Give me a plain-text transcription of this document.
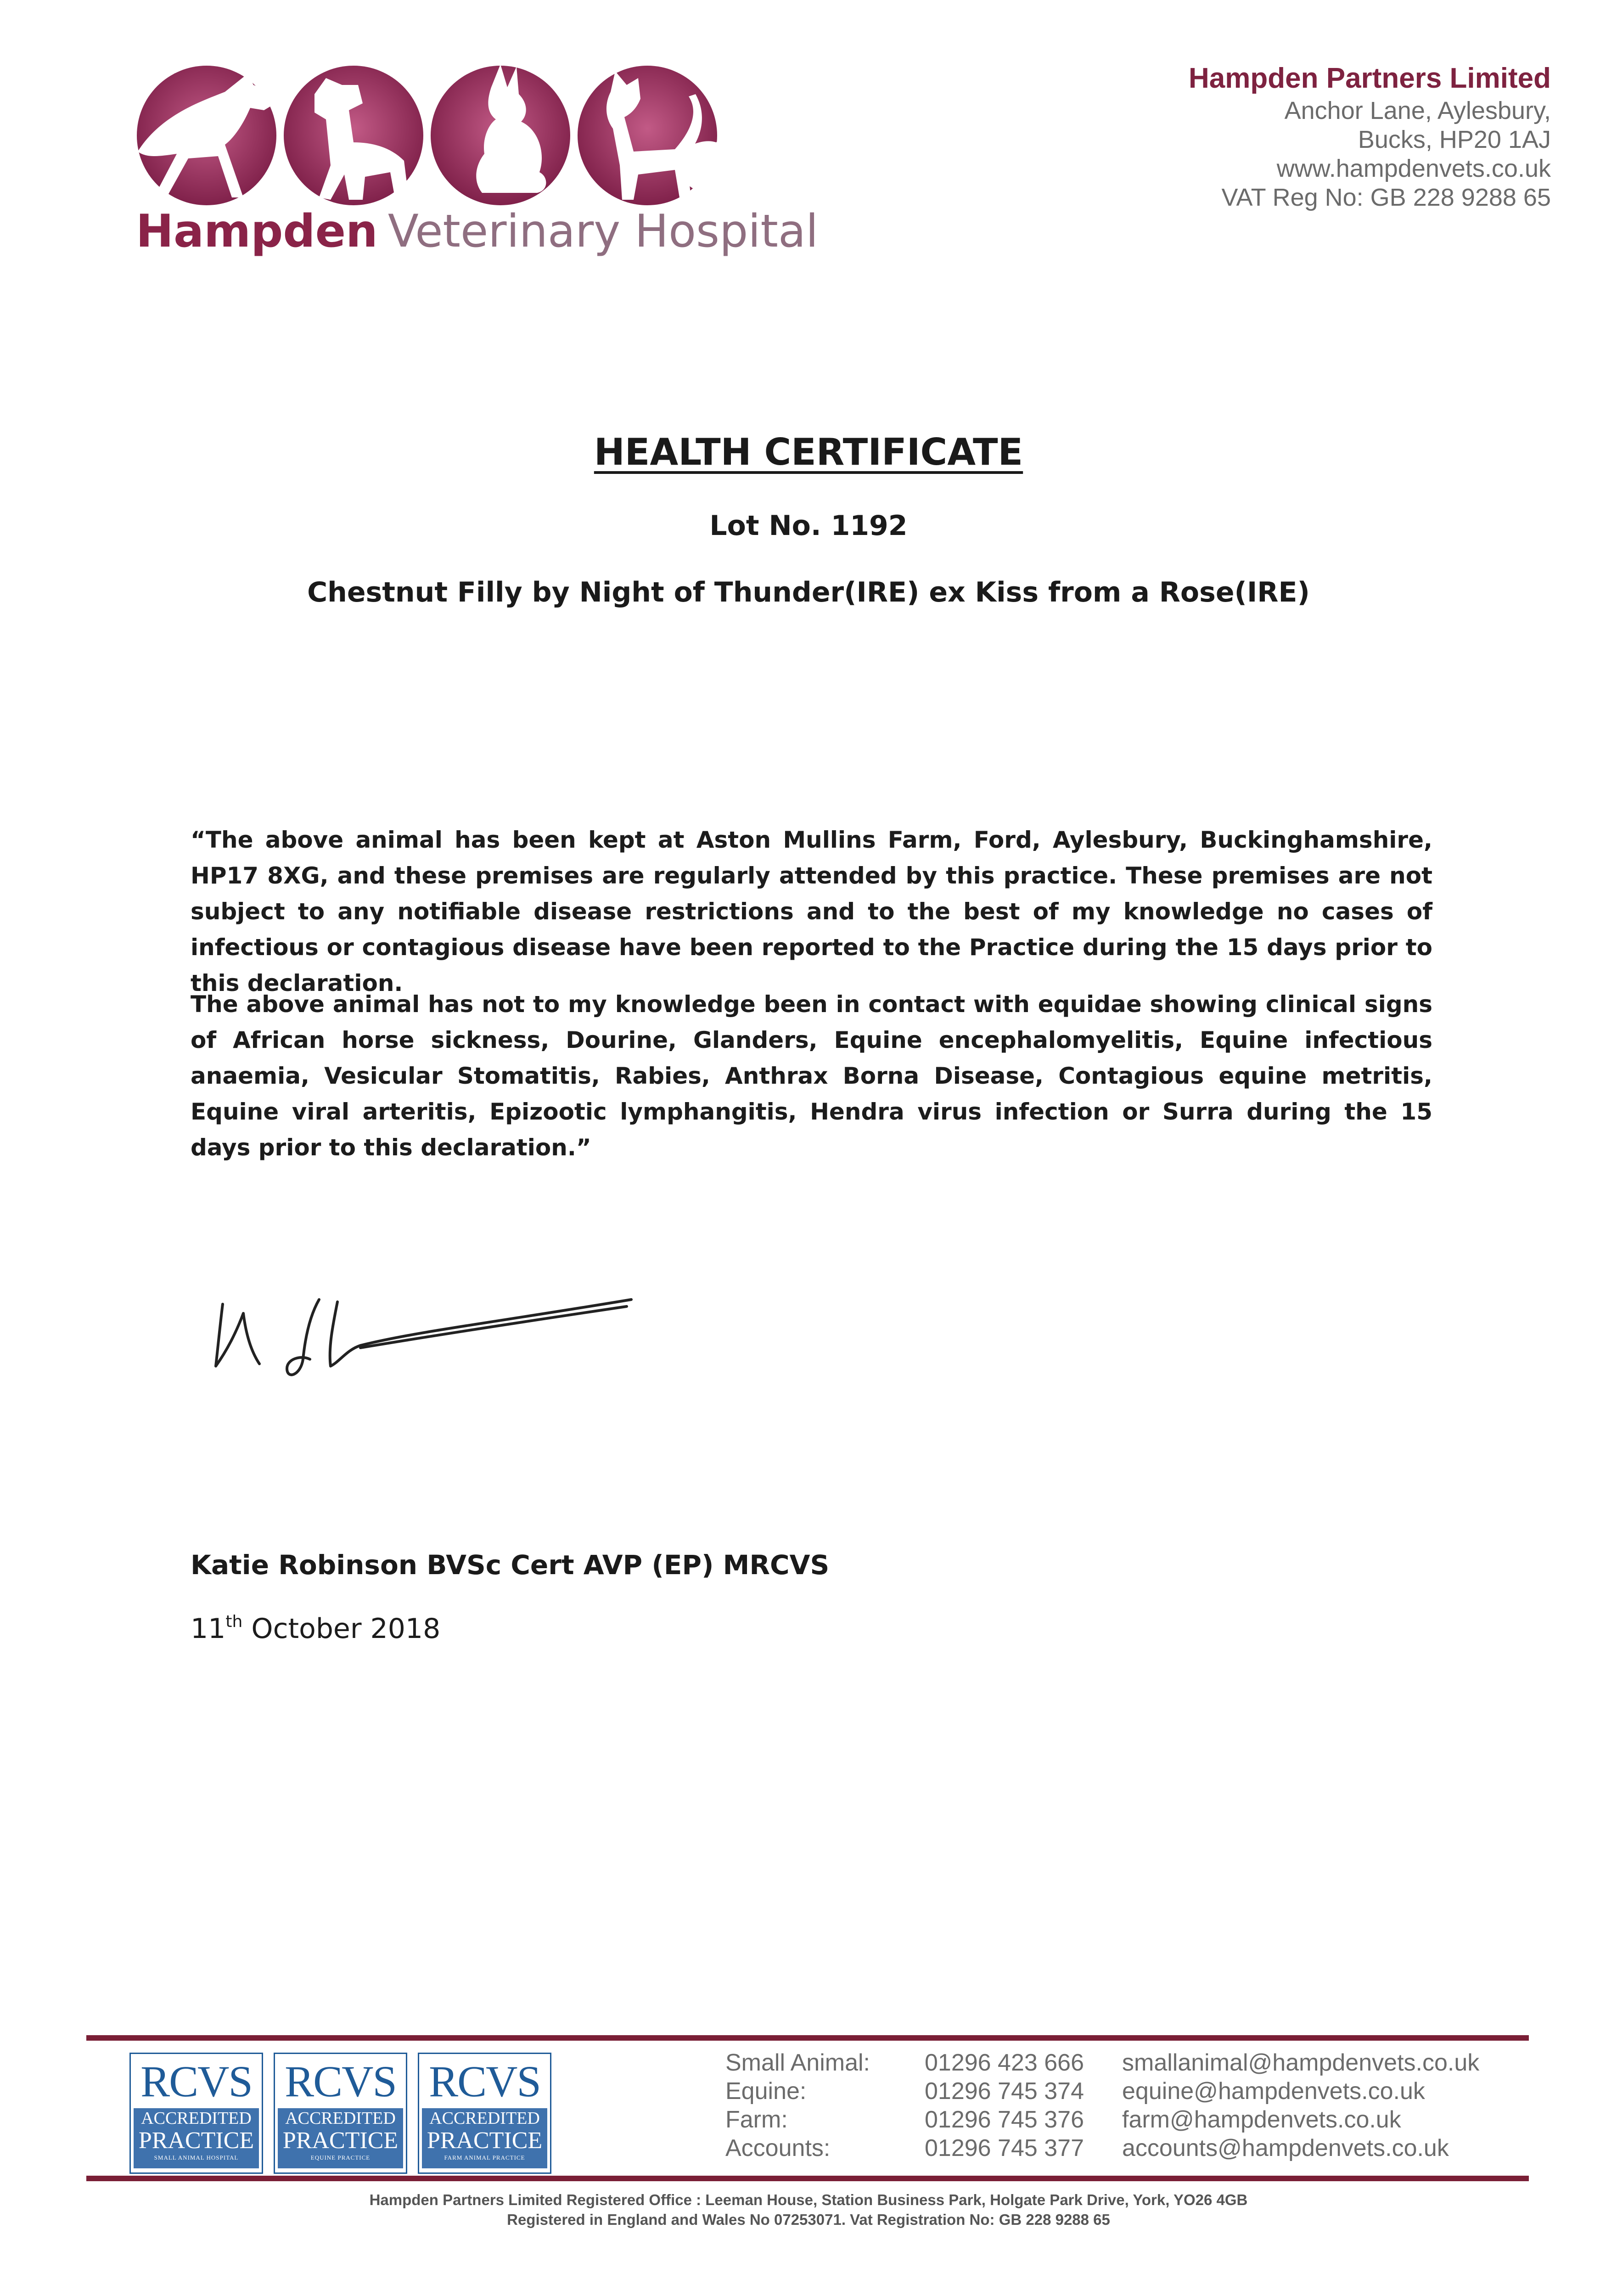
Hampden Veterinary Hospital
Hampden Partners Limited
Anchor Lane, Aylesbury,
Bucks, HP20 1AJ
www.hampdenvets.co.uk
VAT Reg No: GB 228 9288 65
HEALTH CERTIFICATE
Lot No. 1192
Chestnut Filly by Night of Thunder(IRE) ex Kiss from a Rose(IRE)
“The above animal has been kept at Aston Mullins Farm, Ford, Aylesbury, Buckinghamshire, HP17 8XG, and these premises are regularly attended by this practice. These premises are not subject to any notifiable disease restrictions and to the best of my knowledge no cases of infectious or contagious disease have been reported to the Practice during the 15 days prior to this declaration.
The above animal has not to my knowledge been in contact with equidae showing clinical signs of African horse sickness, Dourine, Glanders, Equine encephalomyelitis, Equine infectious anaemia, Vesicular Stomatitis, Rabies, Anthrax Borna Disease, Contagious equine metritis, Equine viral arteritis, Epizootic lymphangitis, Hendra virus infection or Surra during the 15 days prior to this declaration.”
Katie Robinson BVSc Cert AVP (EP) MRCVS
11th October 2018
RCVS
ACCREDITED
PRACTICE
SMALL ANIMAL HOSPITAL
RCVS
ACCREDITED
PRACTICE
EQUINE PRACTICE
RCVS
ACCREDITED
PRACTICE
FARM ANIMAL PRACTICE
Small Animal: 01296 423 666 smallanimal@hampdenvets.co.uk
Equine:	01296 745 374 equine@hampdenvets.co.uk
Farm:	01296 745 376 farm@hampdenvets.co.uk
Accounts:	01296 745 377 accounts@hampdenvets.co.uk
Hampden Partners Limited Registered Office : Leeman House, Station Business Park, Holgate Park Drive, York, YO26 4GB
Registered in England and Wales No 07253071. Vat Registration No: GB 228 9288 65
